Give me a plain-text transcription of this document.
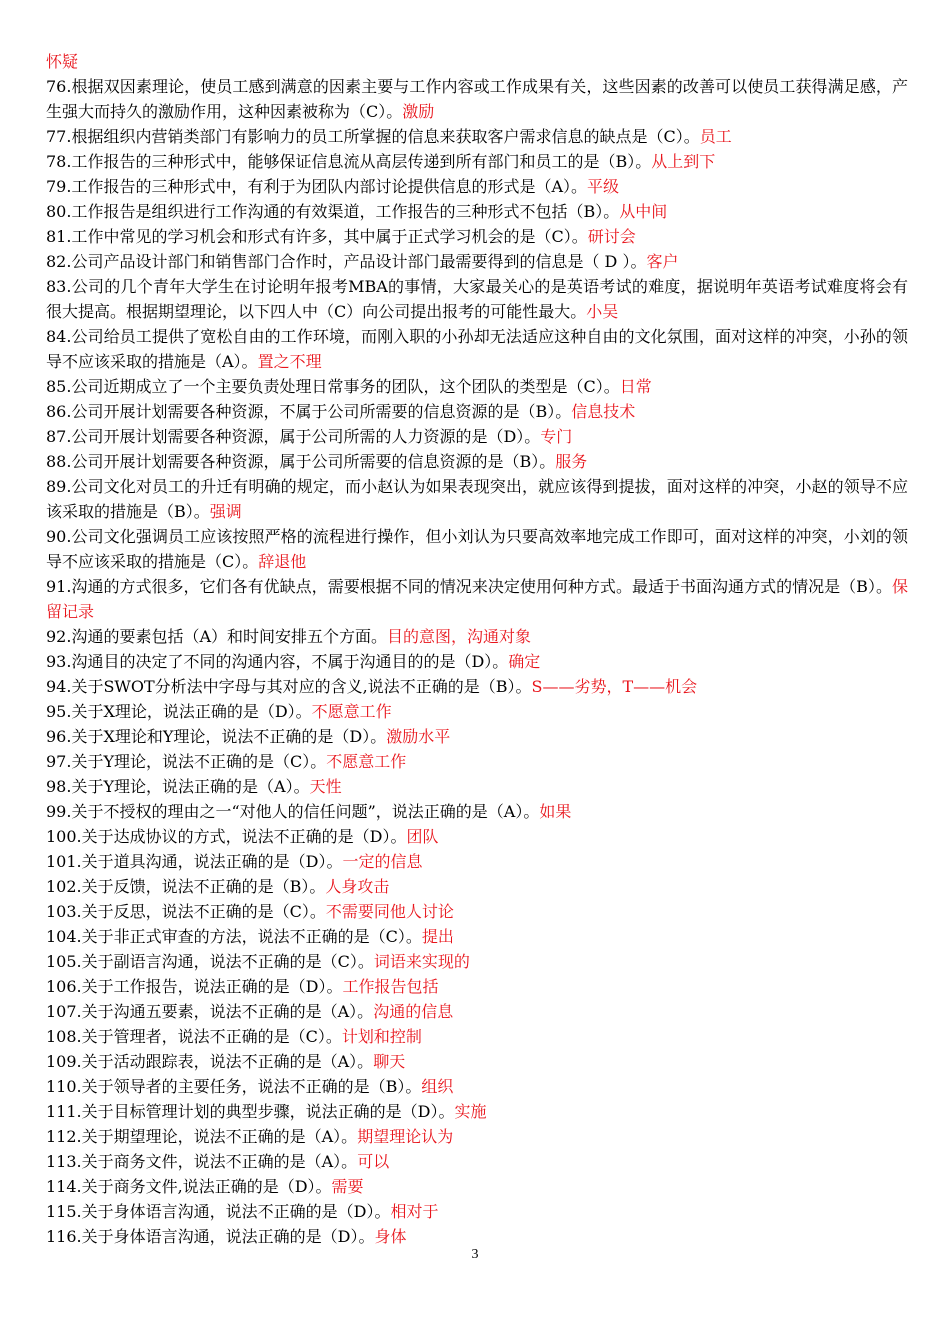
怀疑

76.根据双因素理论，使员工感到满意的因素主要与工作内容或工作成果有关，这些因素的改善可以使员工获得满足感，产生强大而持久的激励作用，这种因素被称为（C）。激励

77.根据组织内营销类部门有影响力的员工所掌握的信息来获取客户需求信息的缺点是（C）。员工

78.工作报告的三种形式中，能够保证信息流从高层传递到所有部门和员工的是（B）。从上到下

79.工作报告的三种形式中，有利于为团队内部讨论提供信息的形式是（A）。平级

80.工作报告是组织进行工作沟通的有效渠道，工作报告的三种形式不包括（B）。从中间

81.工作中常见的学习机会和形式有许多，其中属于正式学习机会的是（C）。研讨会

82.公司产品设计部门和销售部门合作时，产品设计部门最需要得到的信息是（ D ）。客户

83.公司的几个青年大学生在讨论明年报考MBA的事情，大家最关心的是英语考试的难度，据说明年英语考试难度将会有很大提高。根据期望理论，以下四人中（C）向公司提出报考的可能性最大。小吴

84.公司给员工提供了宽松自由的工作环境，而刚入职的小孙却无法适应这种自由的文化氛围，面对这样的冲突，小孙的领导不应该采取的措施是（A）。置之不理

85.公司近期成立了一个主要负责处理日常事务的团队，这个团队的类型是（C）。日常

86.公司开展计划需要各种资源，不属于公司所需要的信息资源的是（B）。信息技术

87.公司开展计划需要各种资源，属于公司所需的人力资源的是（D）。专门

88.公司开展计划需要各种资源，属于公司所需要的信息资源的是（B）。服务

89.公司文化对员工的升迁有明确的规定，而小赵认为如果表现突出，就应该得到提拔，面对这样的冲突，小赵的领导不应该采取的措施是（B）。强调

90.公司文化强调员工应该按照严格的流程进行操作，但小刘认为只要高效率地完成工作即可，面对这样的冲突，小刘的领导不应该采取的措施是（C）。辞退他

91.沟通的方式很多，它们各有优缺点，需要根据不同的情况来决定使用何种方式。最适于书面沟通方式的情况是（B）。保留记录

92.沟通的要素包括（A）和时间安排五个方面。目的意图，沟通对象

93.沟通目的决定了不同的沟通内容，不属于沟通目的的是（D）。确定

94.关于SWOT分析法中字母与其对应的含义,说法不正确的是（B）。S——劣势，T——机会

95.关于X理论，说法正确的是（D）。不愿意工作

96.关于X理论和Y理论，说法不正确的是（D）。激励水平

97.关于Y理论，说法不正确的是（C）。不愿意工作

98.关于Y理论，说法正确的是（A）。天性

99.关于不授权的理由之一“对他人的信任问题”，说法正确的是（A）。如果

100.关于达成协议的方式，说法不正确的是（D）。团队

101.关于道具沟通，说法正确的是（D）。一定的信息

102.关于反馈，说法不正确的是（B）。人身攻击

103.关于反思，说法不正确的是（C）。不需要同他人讨论

104.关于非正式审查的方法，说法不正确的是（C）。提出

105.关于副语言沟通，说法不正确的是（C）。词语来实现的

106.关于工作报告，说法正确的是（D）。工作报告包括

107.关于沟通五要素，说法不正确的是（A）。沟通的信息

108.关于管理者，说法不正确的是（C）。计划和控制

109.关于活动跟踪表，说法不正确的是（A）。聊天

110.关于领导者的主要任务，说法不正确的是（B）。组织

111.关于目标管理计划的典型步骤，说法正确的是（D）。实施

112.关于期望理论，说法不正确的是（A）。期望理论认为

113.关于商务文件，说法不正确的是（A）。可以

114.关于商务文件,说法正确的是（D）。需要

115.关于身体语言沟通，说法不正确的是（D）。相对于

116.关于身体语言沟通，说法正确的是（D）。身体

3
